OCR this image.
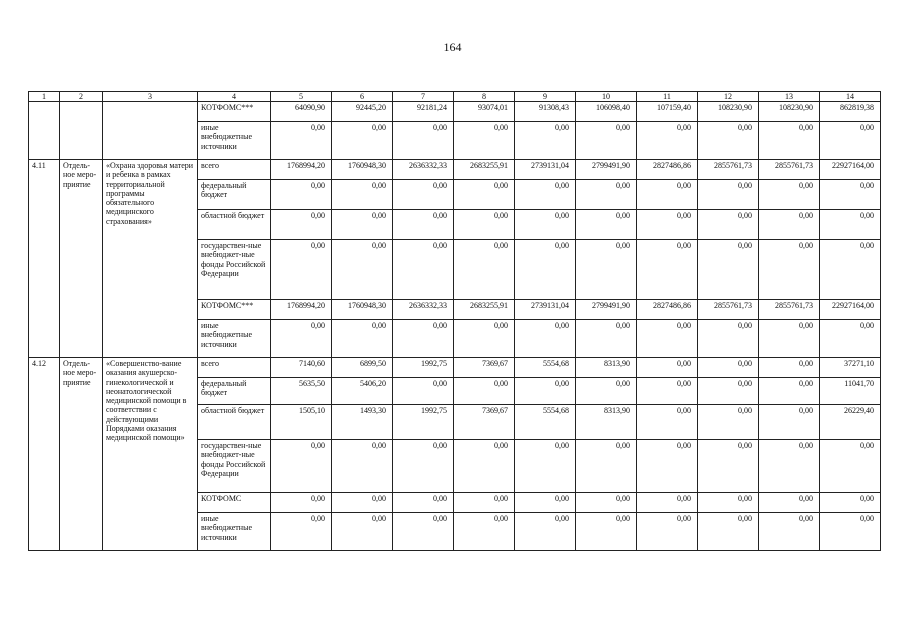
164
1	2	3	4	5	6	7	8	9	10	11	12	13	14
			КОТФОМС***	64090,90	92445,20	92181,24	93074,01	91308,43	106098,40	107159,40	108230,90	108230,90	862819,38
			иные внебюджетные источники	0,00	0,00	0,00	0,00	0,00	0,00	0,00	0,00	0,00	0,00
4.11	Отдель-ное меро-приятие	«Охрана здоровья матери и ребенка в рамках территориальной программы обязательного медицинского страхования»	всего	1768994,20	1760948,30	2636332,33	2683255,91	2739131,04	2799491,90	2827486,86	2855761,73	2855761,73	22927164,00
			федеральный бюджет	0,00	0,00	0,00	0,00	0,00	0,00	0,00	0,00	0,00	0,00
			областной бюджет	0,00	0,00	0,00	0,00	0,00	0,00	0,00	0,00	0,00	0,00
			государствен-ные внебюджет-ные фонды Российской Федерации	0,00	0,00	0,00	0,00	0,00	0,00	0,00	0,00	0,00	0,00
			КОТФОМС***	1768994,20	1760948,30	2636332,33	2683255,91	2739131,04	2799491,90	2827486,86	2855761,73	2855761,73	22927164,00
			иные внебюджетные источники	0,00	0,00	0,00	0,00	0,00	0,00	0,00	0,00	0,00	0,00
4.12	Отдель-ное меро-приятие	«Совершенство-вание оказания акушерско-гинекологической и неонатологической медицинской помощи в соответствии с действующими Порядками оказания медицинской помощи»	всего	7140,60	6899,50	1992,75	7369,67	5554,68	8313,90	0,00	0,00	0,00	37271,10
			федеральный бюджет	5635,50	5406,20	0,00	0,00	0,00	0,00	0,00	0,00	0,00	11041,70
			областной бюджет	1505,10	1493,30	1992,75	7369,67	5554,68	8313,90	0,00	0,00	0,00	26229,40
			государствен-ные внебюджет-ные фонды Российской Федерации	0,00	0,00	0,00	0,00	0,00	0,00	0,00	0,00	0,00	0,00
			КОТФОМС	0,00	0,00	0,00	0,00	0,00	0,00	0,00	0,00	0,00	0,00
			иные внебюджетные источники	0,00	0,00	0,00	0,00	0,00	0,00	0,00	0,00	0,00	0,00
